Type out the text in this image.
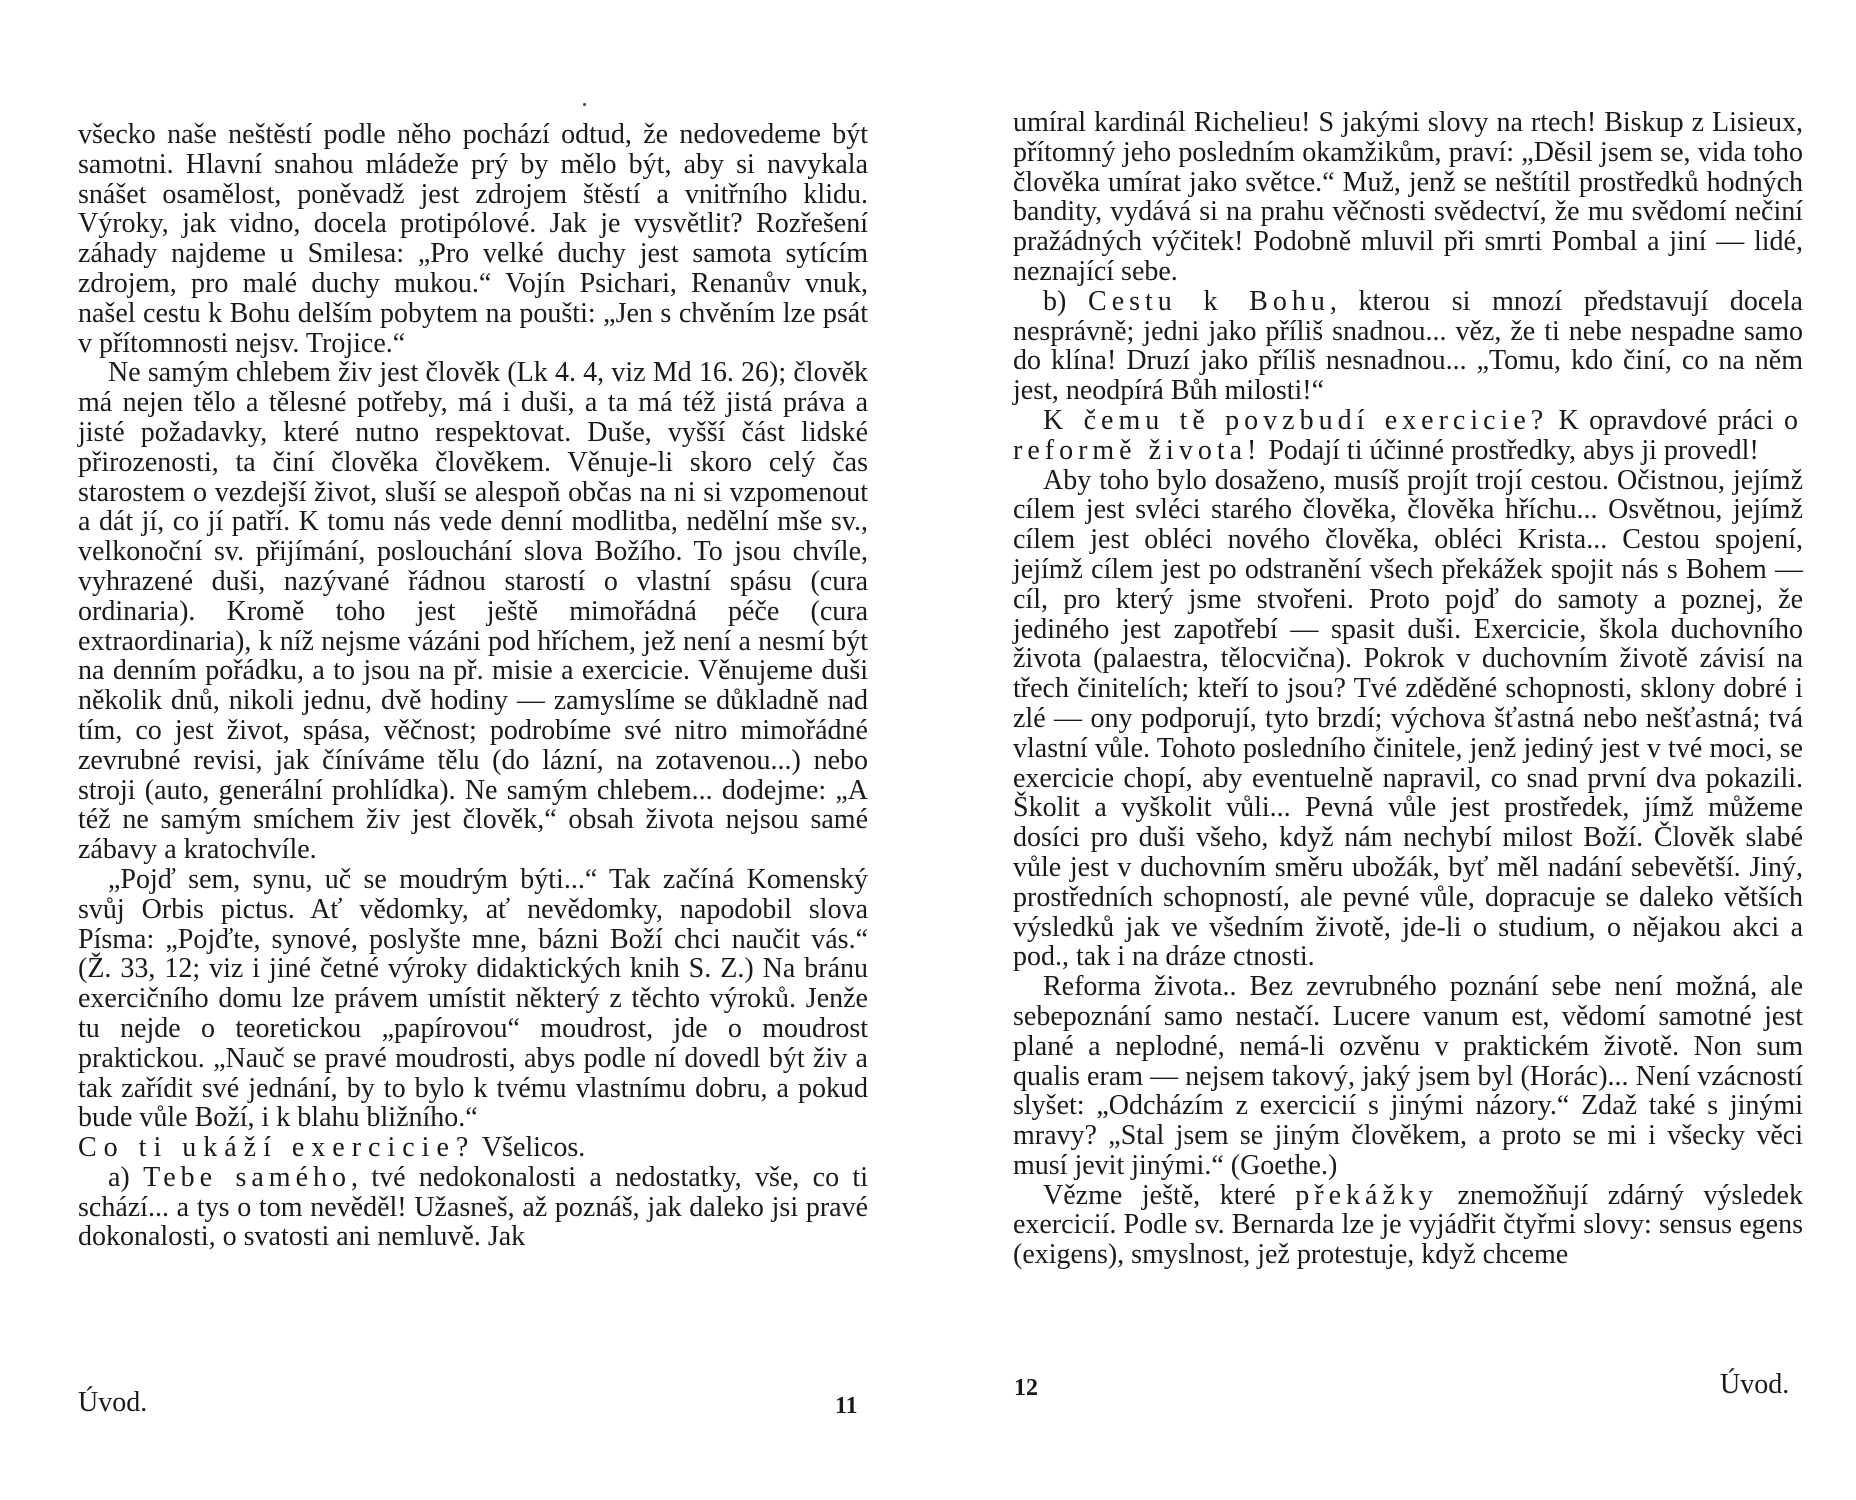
všecko naše neštěstí podle něho pochází odtud, že nedovedeme být samotni. Hlavní snahou mládeže prý by mělo být, aby si navykala snášet osamělost, poněvadž jest zdrojem štěstí a vnitřního klidu. Výroky, jak vidno, docela protipólové. Jak je vysvětlit? Rozřešení záhady najdeme u Smilesa: „Pro velké duchy jest samota sytícím zdrojem, pro malé duchy mukou.“ Vojín Psichari, Renanův vnuk, našel cestu k Bohu delším pobytem na poušti: „Jen s chvěním lze psát v přítomnosti nejsv. Trojice.“

Ne samým chlebem živ jest člověk (Lk 4. 4, viz Md 16. 26); člověk má nejen tělo a tělesné potřeby, má i duši, a ta má též jistá práva a jisté požadavky, které nutno respektovat. Duše, vyšší část lidské přirozenosti, ta činí člověka člověkem. Věnuje-li skoro celý čas starostem o vezdejší život, sluší se alespoň občas na ni si vzpomenout a dát jí, co jí patří. K tomu nás vede denní modlitba, nedělní mše sv., velkonoční sv. přijímání, poslouchání slova Božího. To jsou chvíle, vyhrazené duši, nazývané řádnou starostí o vlastní spásu (cura ordinaria). Kromě toho jest ještě mimořádná péče (cura extraordinaria), k níž nejsme vázáni pod hříchem, jež není a nesmí být na denním pořádku, a to jsou na př. misie a exercicie. Věnujeme duši několik dnů, nikoli jednu, dvě hodiny — zamyslíme se důkladně nad tím, co jest život, spása, věčnost; podrobíme své nitro mimořádné zevrubné revisi, jak číníváme tělu (do lázní, na zotavenou...) nebo stroji (auto, generální prohlídka). Ne samým chlebem... dodejme: „A též ne samým smíchem živ jest člověk,“ obsah života nejsou samé zábavy a kratochvíle.

„Pojď sem, synu, uč se moudrým býti...“ Tak začíná Komenský svůj Orbis pictus. Ať vědomky, ať nevědomky, napodobil slova Písma: „Pojďte, synové, poslyšte mne, bázni Boží chci naučit vás.“ (Ž. 33, 12; viz i jiné četné výroky didaktických knih S. Z.) Na bránu exercičního domu lze právem umístit některý z těchto výroků. Jenže tu nejde o teoretickou „papírovou“ moudrost, jde o moudrost praktickou. „Nauč se pravé moudrosti, abys podle ní dovedl být živ a tak zařídit své jednání, by to bylo k tvému vlastnímu dobru, a pokud bude vůle Boží, i k blahu bližního.“

Co ti ukáží exercicie? Všelicos.

a) Tebe samého, tvé nedokonalosti a nedostatky, vše, co ti schází... a tys o tom nevěděl! Užasneš, až poznáš, jak daleko jsi pravé dokonalosti, o svatosti ani nemluvě. Jak

Úvod.	11

umíral kardinál Richelieu! S jakými slovy na rtech! Biskup z Lisieux, přítomný jeho posledním okamžikům, praví: „Děsil jsem se, vida toho člověka umírat jako světce.“ Muž, jenž se neštítil prostředků hodných bandity, vydává si na prahu věčnosti svědectví, že mu svědomí nečiní pražádných výčitek! Podobně mluvil při smrti Pombal a jiní — lidé, neznající sebe.

b) Cestu k Bohu, kterou si mnozí představují docela nesprávně; jedni jako příliš snadnou... věz, že ti nebe nespadne samo do klína! Druzí jako příliš nesnadnou... „Tomu, kdo činí, co na něm jest, neodpírá Bůh milosti!“

K čemu tě povzbudí exercicie? K opravdové práci o reformě života! Podají ti účinné prostředky, abys ji provedl!

Aby toho bylo dosaženo, musíš projít trojí cestou. Očistnou, jejímž cílem jest svléci starého člověka, člověka hříchu... Osvětnou, jejímž cílem jest obléci nového člověka, obléci Krista... Cestou spojení, jejímž cílem jest po odstranění všech překážek spojit nás s Bohem — cíl, pro který jsme stvořeni. Proto pojď do samoty a poznej, že jediného jest zapotřebí — spasit duši. Exercicie, škola duchovního života (palaestra, tělocvična). Pokrok v duchovním životě závisí na třech činitelích; kteří to jsou? Tvé zděděné schopnosti, sklony dobré i zlé — ony podporují, tyto brzdí; výchova šťastná nebo nešťastná; tvá vlastní vůle. Tohoto posledního činitele, jenž jediný jest v tvé moci, se exercicie chopí, aby eventuelně napravil, co snad první dva pokazili. Školit a vyškolit vůli... Pevná vůle jest prostředek, jímž můžeme dosíci pro duši všeho, když nám nechybí milost Boží. Člověk slabé vůle jest v duchovním směru ubožák, byť měl nadání sebevětší. Jiný, prostředních schopností, ale pevné vůle, dopracuje se daleko větších výsledků jak ve všedním životě, jde-li o studium, o nějakou akci a pod., tak i na dráze ctnosti.

Reforma života.. Bez zevrubného poznání sebe není možná, ale sebepoznání samo nestačí. Lucere vanum est, vědomí samotné jest plané a neplodné, nemá-li ozvěnu v praktickém životě. Non sum qualis eram — nejsem takový, jaký jsem byl (Horác)... Není vzácností slyšet: „Odcházím z exercicií s jinými názory.“ Zdaž také s jinými mravy? „Stal jsem se jiným člověkem, a proto se mi i všecky věci musí jevit jinými.“ (Goethe.)

Vězme ještě, které překážky znemožňují zdárný výsledek exercicií. Podle sv. Bernarda lze je vyjádřit čtyřmi slovy: sensus egens (exigens), smyslnost, jež protestuje, když chceme

12	Úvod.
